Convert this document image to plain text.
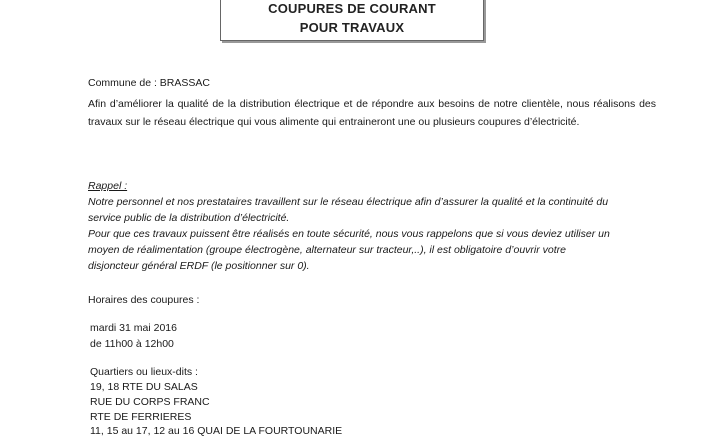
COUPURES DE COURANT
POUR TRAVAUX
Commune de : BRASSAC
Afin d’améliorer la qualité de la distribution électrique et de répondre aux besoins de notre clientèle, nous réalisons des travaux sur le réseau électrique qui vous alimente qui entraineront une ou plusieurs coupures d’électricité.
Rappel :
Notre personnel et nos prestataires travaillent sur le réseau électrique afin d’assurer la qualité et la continuité du
service public de la distribution d’électricité.
Pour que ces travaux puissent être réalisés en toute sécurité, nous vous rappelons que si vous deviez utiliser un
moyen de réalimentation (groupe électrogène, alternateur sur tracteur,..), il est obligatoire d’ouvrir votre
disjoncteur général ERDF (le positionner sur 0).
Horaires des coupures :
mardi 31 mai 2016
de 11h00 à 12h00
Quartiers ou lieux-dits :
19, 18 RTE DU SALAS
RUE DU CORPS FRANC
RTE DE FERRIERES
11, 15 au 17, 12 au 16 QUAI DE LA FOURTOUNARIE
